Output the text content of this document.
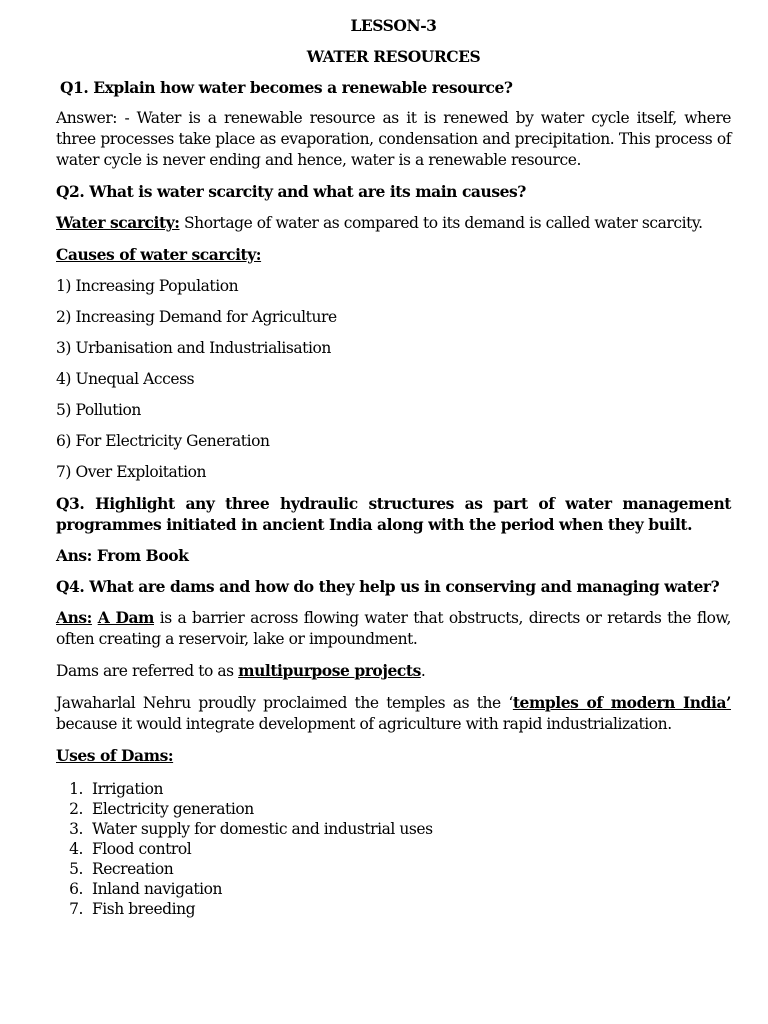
LESSON-3
WATER RESOURCES
Q1. Explain how water becomes a renewable resource?

Answer: - Water is a renewable resource as it is renewed by water cycle itself, where three processes take place as evaporation, condensation and precipitation. This process of water cycle is never ending and hence, water is a renewable resource.

Q2. What is water scarcity and what are its main causes?

Water scarcity: Shortage of water as compared to its demand is called water scarcity.

Causes of water scarcity:

1) Increasing Population
2) Increasing Demand for Agriculture
3) Urbanisation and Industrialisation
4) Unequal Access
5) Pollution
6) For Electricity Generation
7) Over Exploitation
Q3. Highlight any three hydraulic structures as part of water management programmes initiated in ancient India along with the period when they built.
Ans: From Book
Q4. What are dams and how do they help us in conserving and managing water?

Ans: A Dam is a barrier across flowing water that obstructs, directs or retards the flow, often creating a reservoir, lake or impoundment.

Dams are referred to as multipurpose projects.

Jawaharlal Nehru proudly proclaimed the temples as the ‘temples of modern India’ because it would integrate development of agriculture with rapid industrialization.

Uses of Dams:

1.
Irrigation
2.
Electricity generation
3.
Water supply for domestic and industrial uses
4.
Flood control
5.
Recreation
6.
Inland navigation
7.
Fish breeding
